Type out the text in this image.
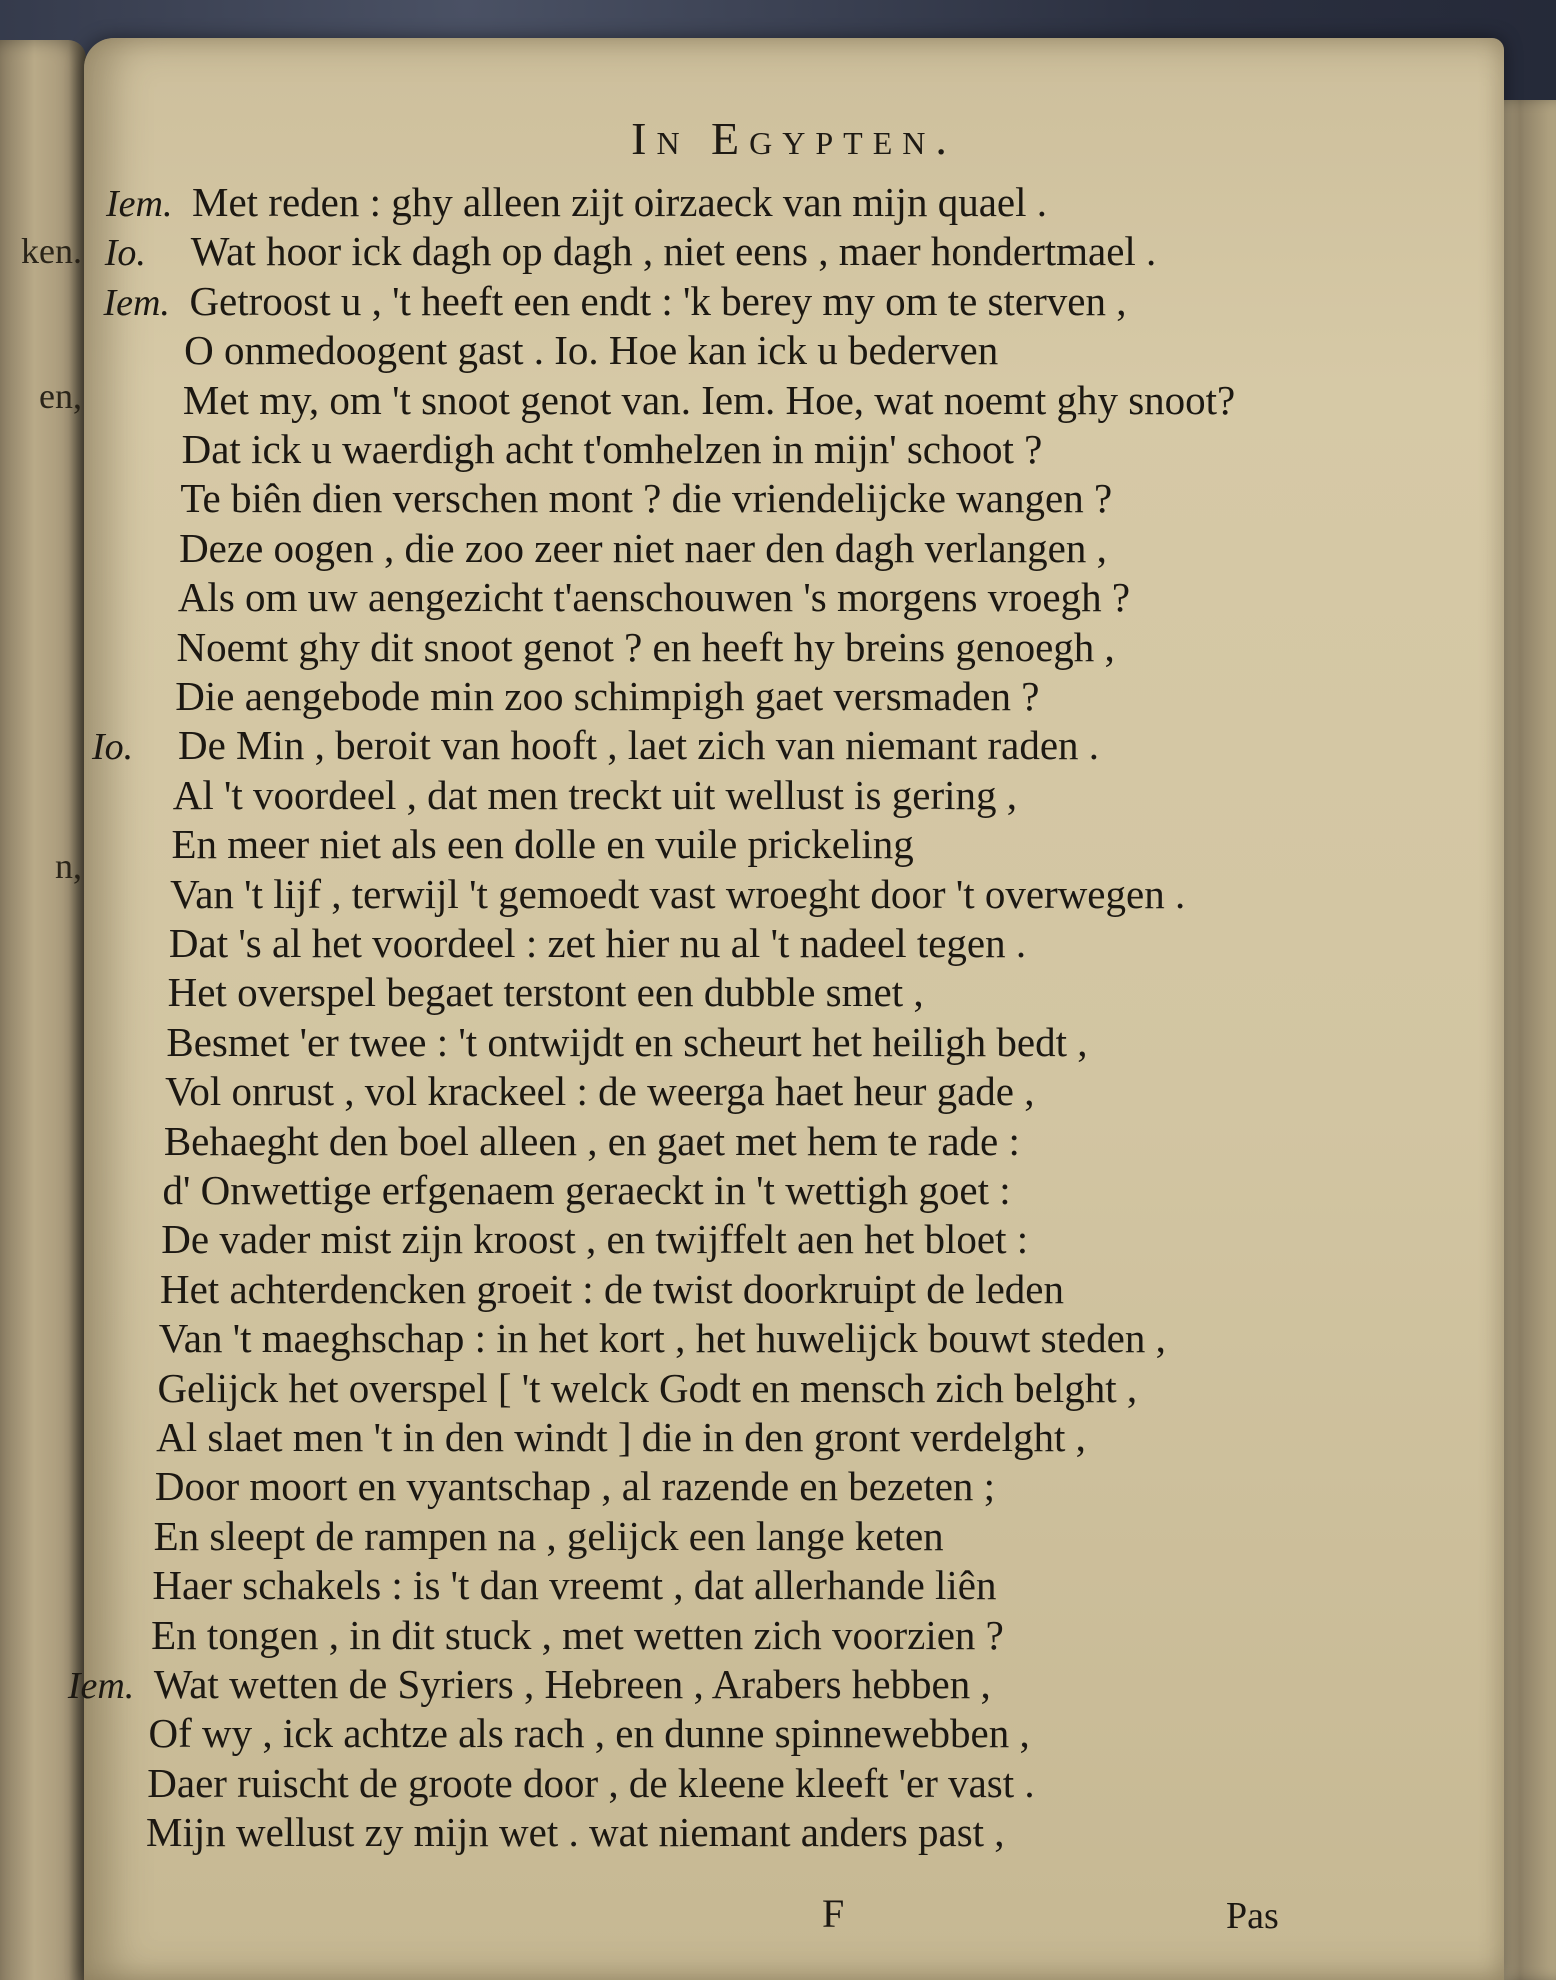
ken.
en,
n,
In Egypten.
Iem. Met reden : ghy alleen zijt oirzaeck van mijn quael .
Io. Wat hoor ick dagh op dagh , niet eens , maer hondertmael .
Iem. Getroost u , 't heeft een endt : 'k berey my om te sterven ,
O onmedoogent gast . Io. Hoe kan ick u bederven
Met my, om 't snoot genot van. Iem. Hoe, wat noemt ghy snoot?
Dat ick u waerdigh acht t'omhelzen in mijn' schoot ?
Te biên dien verschen mont ? die vriendelijcke wangen ?
Deze oogen , die zoo zeer niet naer den dagh verlangen ,
Als om uw aengezicht t'aenschouwen 's morgens vroegh ?
Noemt ghy dit snoot genot ? en heeft hy breins genoegh ,
Die aengebode min zoo schimpigh gaet versmaden ?
Io. De Min , beroit van hooft , laet zich van niemant raden .
Al 't voordeel , dat men treckt uit wellust is gering ,
En meer niet als een dolle en vuile prickeling
Van 't lijf , terwijl 't gemoedt vast wroeght door 't overwegen .
Dat 's al het voordeel : zet hier nu al 't nadeel tegen .
Het overspel begaet terstont een dubble smet ,
Besmet 'er twee : 't ontwijdt en scheurt het heiligh bedt ,
Vol onrust , vol krackeel : de weerga haet heur gade ,
Behaeght den boel alleen , en gaet met hem te rade :
d' Onwettige erfgenaem geraeckt in 't wettigh goet :
De vader mist zijn kroost , en twijffelt aen het bloet :
Het achterdencken groeit : de twist doorkruipt de leden
Van 't maeghschap : in het kort , het huwelijck bouwt steden ,
Gelijck het overspel [ 't welck Godt en mensch zich belght ,
Al slaet men 't in den windt ] die in den gront verdelght ,
Door moort en vyantschap , al razende en bezeten ;
En sleept de rampen na , gelijck een lange keten
Haer schakels : is 't dan vreemt , dat allerhande liên
En tongen , in dit stuck , met wetten zich voorzien ?
Iem. Wat wetten de Syriers , Hebreen , Arabers hebben ,
Of wy , ick achtze als rach , en dunne spinnewebben ,
Daer ruischt de groote door , de kleene kleeft 'er vast .
Mijn wellust zy mijn wet . wat niemant anders past ,
F	Pas
